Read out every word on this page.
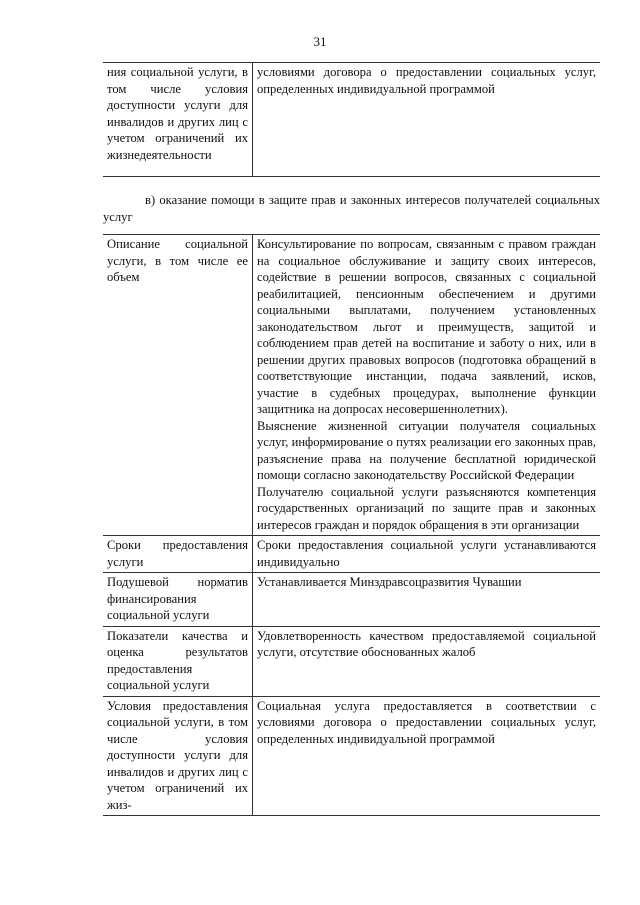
31
ния социальной услуги, в том числе условия доступности услуги для инвалидов и других лиц с учетом ограничений их жизнедеятельности	условиями договора о предоставлении социальных услуг, определенных индивидуальной программой
в) оказание помощи в защите прав и законных интересов получателей социальных услуг
Описание социальной услуги, в том числе ее объем	Консультирование по вопросам, связанным с правом граждан на социальное обслуживание и защиту своих интересов, содействие в решении вопросов, связанных с социальной реабилитацией, пенсионным обеспечением и другими социальными выплатами, получением установленных законодательством льгот и преимуществ, защитой и соблюдением прав детей на воспитание и заботу о них, или в решении других правовых вопросов (подготовка обращений в соответствующие инстанции, подача заявлений, исков, участие в судебных процедурах, выполнение функции защитника на допросах несовершеннолетних).
Выяснение жизненной ситуации получателя социальных услуг, информирование о путях реализации его законных прав, разъяснение права на получение бесплатной юридической помощи согласно законодательству Российской Федерации
Получателю социальной услуги разъясняются компетенция государственных организаций по защите прав и законных интересов граждан и порядок обращения в эти организации

Сроки предоставления услуги	Сроки предоставления социальной услуги устанавливаются индивидуально
Подушевой норматив финансирования социальной услуги	Устанавливается Минздравсоцразвития Чувашии
Показатели качества и оценка результатов предоставления социальной услуги	Удовлетворенность качеством предоставляемой социальной услуги, отсутствие обоснованных жалоб
Условия предоставления социальной услуги, в том числе условия доступности услуги для инвалидов и других лиц с учетом ограничений их жиз-	Социальная услуга предоставляется в соответствии с условиями договора о предоставлении социальных услуг, определенных индивидуальной программой
